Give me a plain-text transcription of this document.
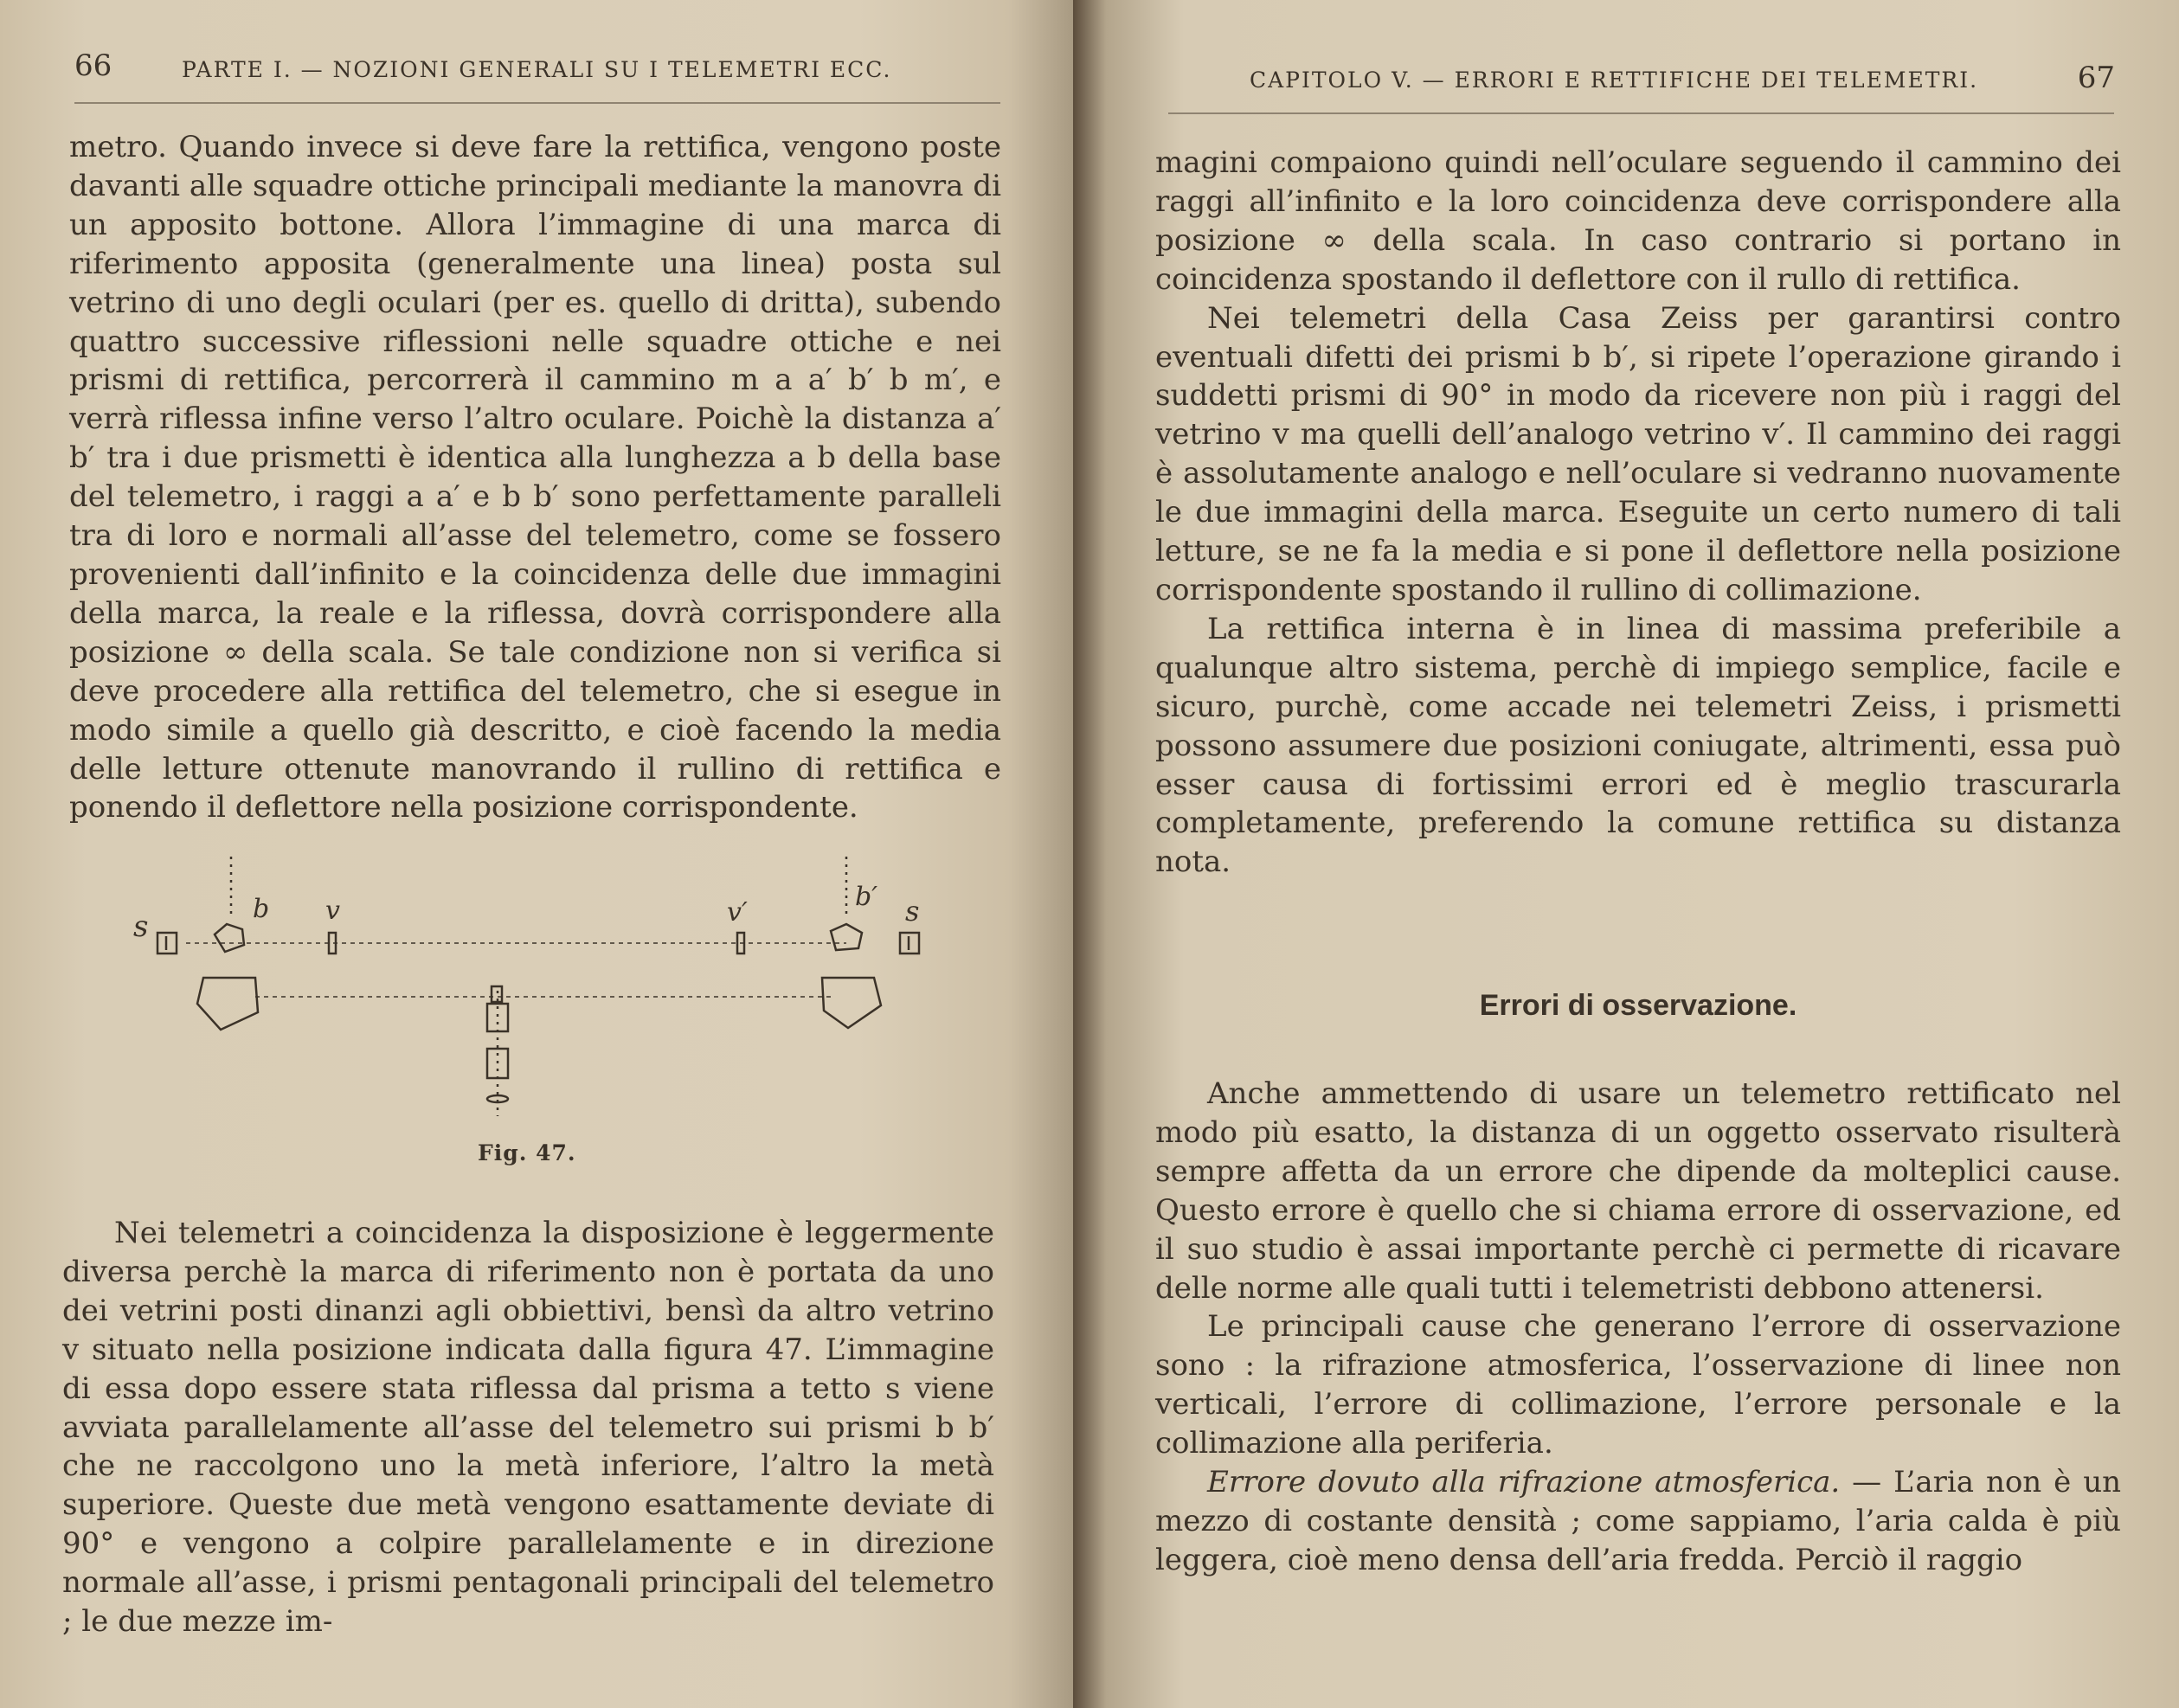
66	PARTE I. — NOZIONI GENERALI SU I TELEMETRI ECC.

metro. Quando invece si deve fare la rettifica, vengono poste davanti alle squadre ottiche principali mediante la manovra di un apposito bottone. Allora l’immagine di una marca di riferimento apposita (generalmente una linea) posta sul vetrino di uno degli oculari (per es. quello di dritta), subendo quattro successive riflessioni nelle squadre ottiche e nei prismi di rettifica, percorrerà il cammino m a a′ b′ b m′, e verrà riflessa infine verso l’altro oculare. Poichè la distanza a′ b′ tra i due prismetti è identica alla lunghezza a b della base del telemetro, i raggi a a′ e b b′ sono perfettamente paralleli tra di loro e normali all’asse del telemetro, come se fossero provenienti dall’infinito e la coincidenza delle due immagini della marca, la reale e la riflessa, dovrà corrispondere alla posizione ∞ della scala. Se tale condizione non si verifica si deve procedere alla rettifica del telemetro, che si esegue in modo simile a quello già descritto, e cioè facendo la media delle letture ottenute manovrando il rullino di rettifica e ponendo il deflettore nella posizione corrispondente.

s
b v	v′
b′ s
Fig. 47.

Nei telemetri a coincidenza la disposizione è leggermente diversa perchè la marca di riferimento non è portata da uno dei vetrini posti dinanzi agli obbiettivi, bensì da altro vetrino v situato nella posizione indicata dalla figura 47. L’immagine di essa dopo essere stata riflessa dal prisma a tetto s viene avviata parallelamente all’asse del telemetro sui prismi b b′ che ne raccolgono uno la metà inferiore, l’altro la metà superiore. Queste due metà vengono esattamente deviate di 90° e vengono a colpire parallelamente e in direzione normale all’asse, i prismi pentagonali principali del telemetro ; le due mezze im-

CAPITOLO V. — ERRORI E RETTIFICHE DEI TELEMETRI.	67

magini compaiono quindi nell’oculare seguendo il cammino dei raggi all’infinito e la loro coincidenza deve corrispondere alla posizione ∞ della scala. In caso contrario si portano in coincidenza spostando il deflettore con il rullo di rettifica.

Nei telemetri della Casa Zeiss per garantirsi contro eventuali difetti dei prismi b b′, si ripete l’operazione girando i suddetti prismi di 90° in modo da ricevere non più i raggi del vetrino v ma quelli dell’analogo vetrino v′. Il cammino dei raggi è assolutamente analogo e nell’oculare si vedranno nuovamente le due immagini della marca. Eseguite un certo numero di tali letture, se ne fa la media e si pone il deflettore nella posizione corrispondente spostando il rullino di collimazione.

La rettifica interna è in linea di massima preferibile a qualunque altro sistema, perchè di impiego semplice, facile e sicuro, purchè, come accade nei telemetri Zeiss, i prismetti possono assumere due posizioni coniugate, altrimenti, essa può esser causa di fortissimi errori ed è meglio trascurarla completamente, preferendo la comune rettifica su distanza nota.

Errori di osservazione.

Anche ammettendo di usare un telemetro rettificato nel modo più esatto, la distanza di un oggetto osservato risulterà sempre affetta da un errore che dipende da molteplici cause. Questo errore è quello che si chiama errore di osservazione, ed il suo studio è assai importante perchè ci permette di ricavare delle norme alle quali tutti i telemetristi debbono attenersi.

Le principali cause che generano l’errore di osservazione sono : la rifrazione atmosferica, l’osservazione di linee non verticali, l’errore di collimazione, l’errore personale e la collimazione alla periferia.

Errore dovuto alla rifrazione atmosferica. — L’aria non è un mezzo di costante densità ; come sappiamo, l’aria calda è più leggera, cioè meno densa dell’aria fredda. Perciò il raggio
